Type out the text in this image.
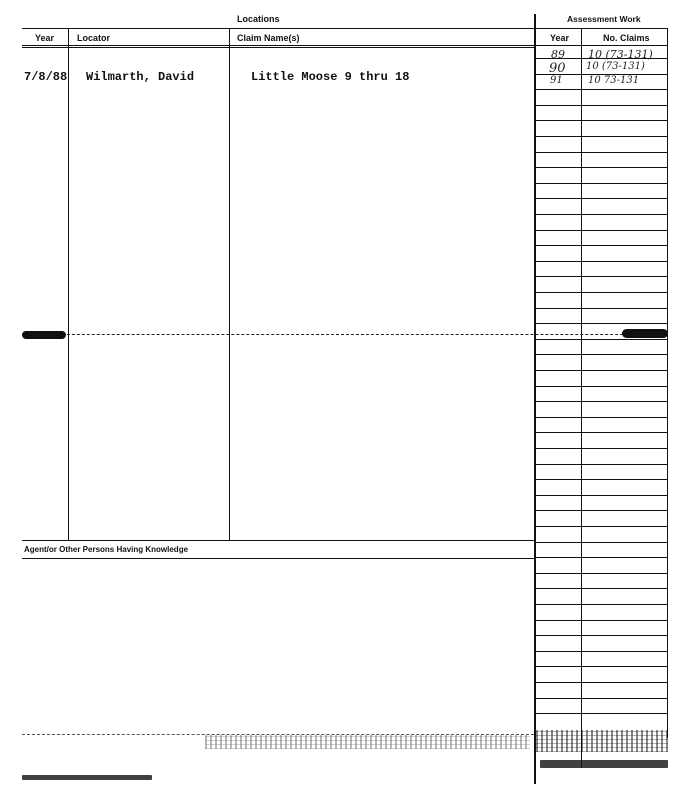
Locations	Assessment Work
Year	Locator	Claim Name(s)	Year	No. Claims
Agent/or Other Persons Having Knowledge
7/8/88 Wilmarth, David	Little Moose 9 thru 18
89 10 (73-131)
90 10 (73-131)
91	10 73-131
